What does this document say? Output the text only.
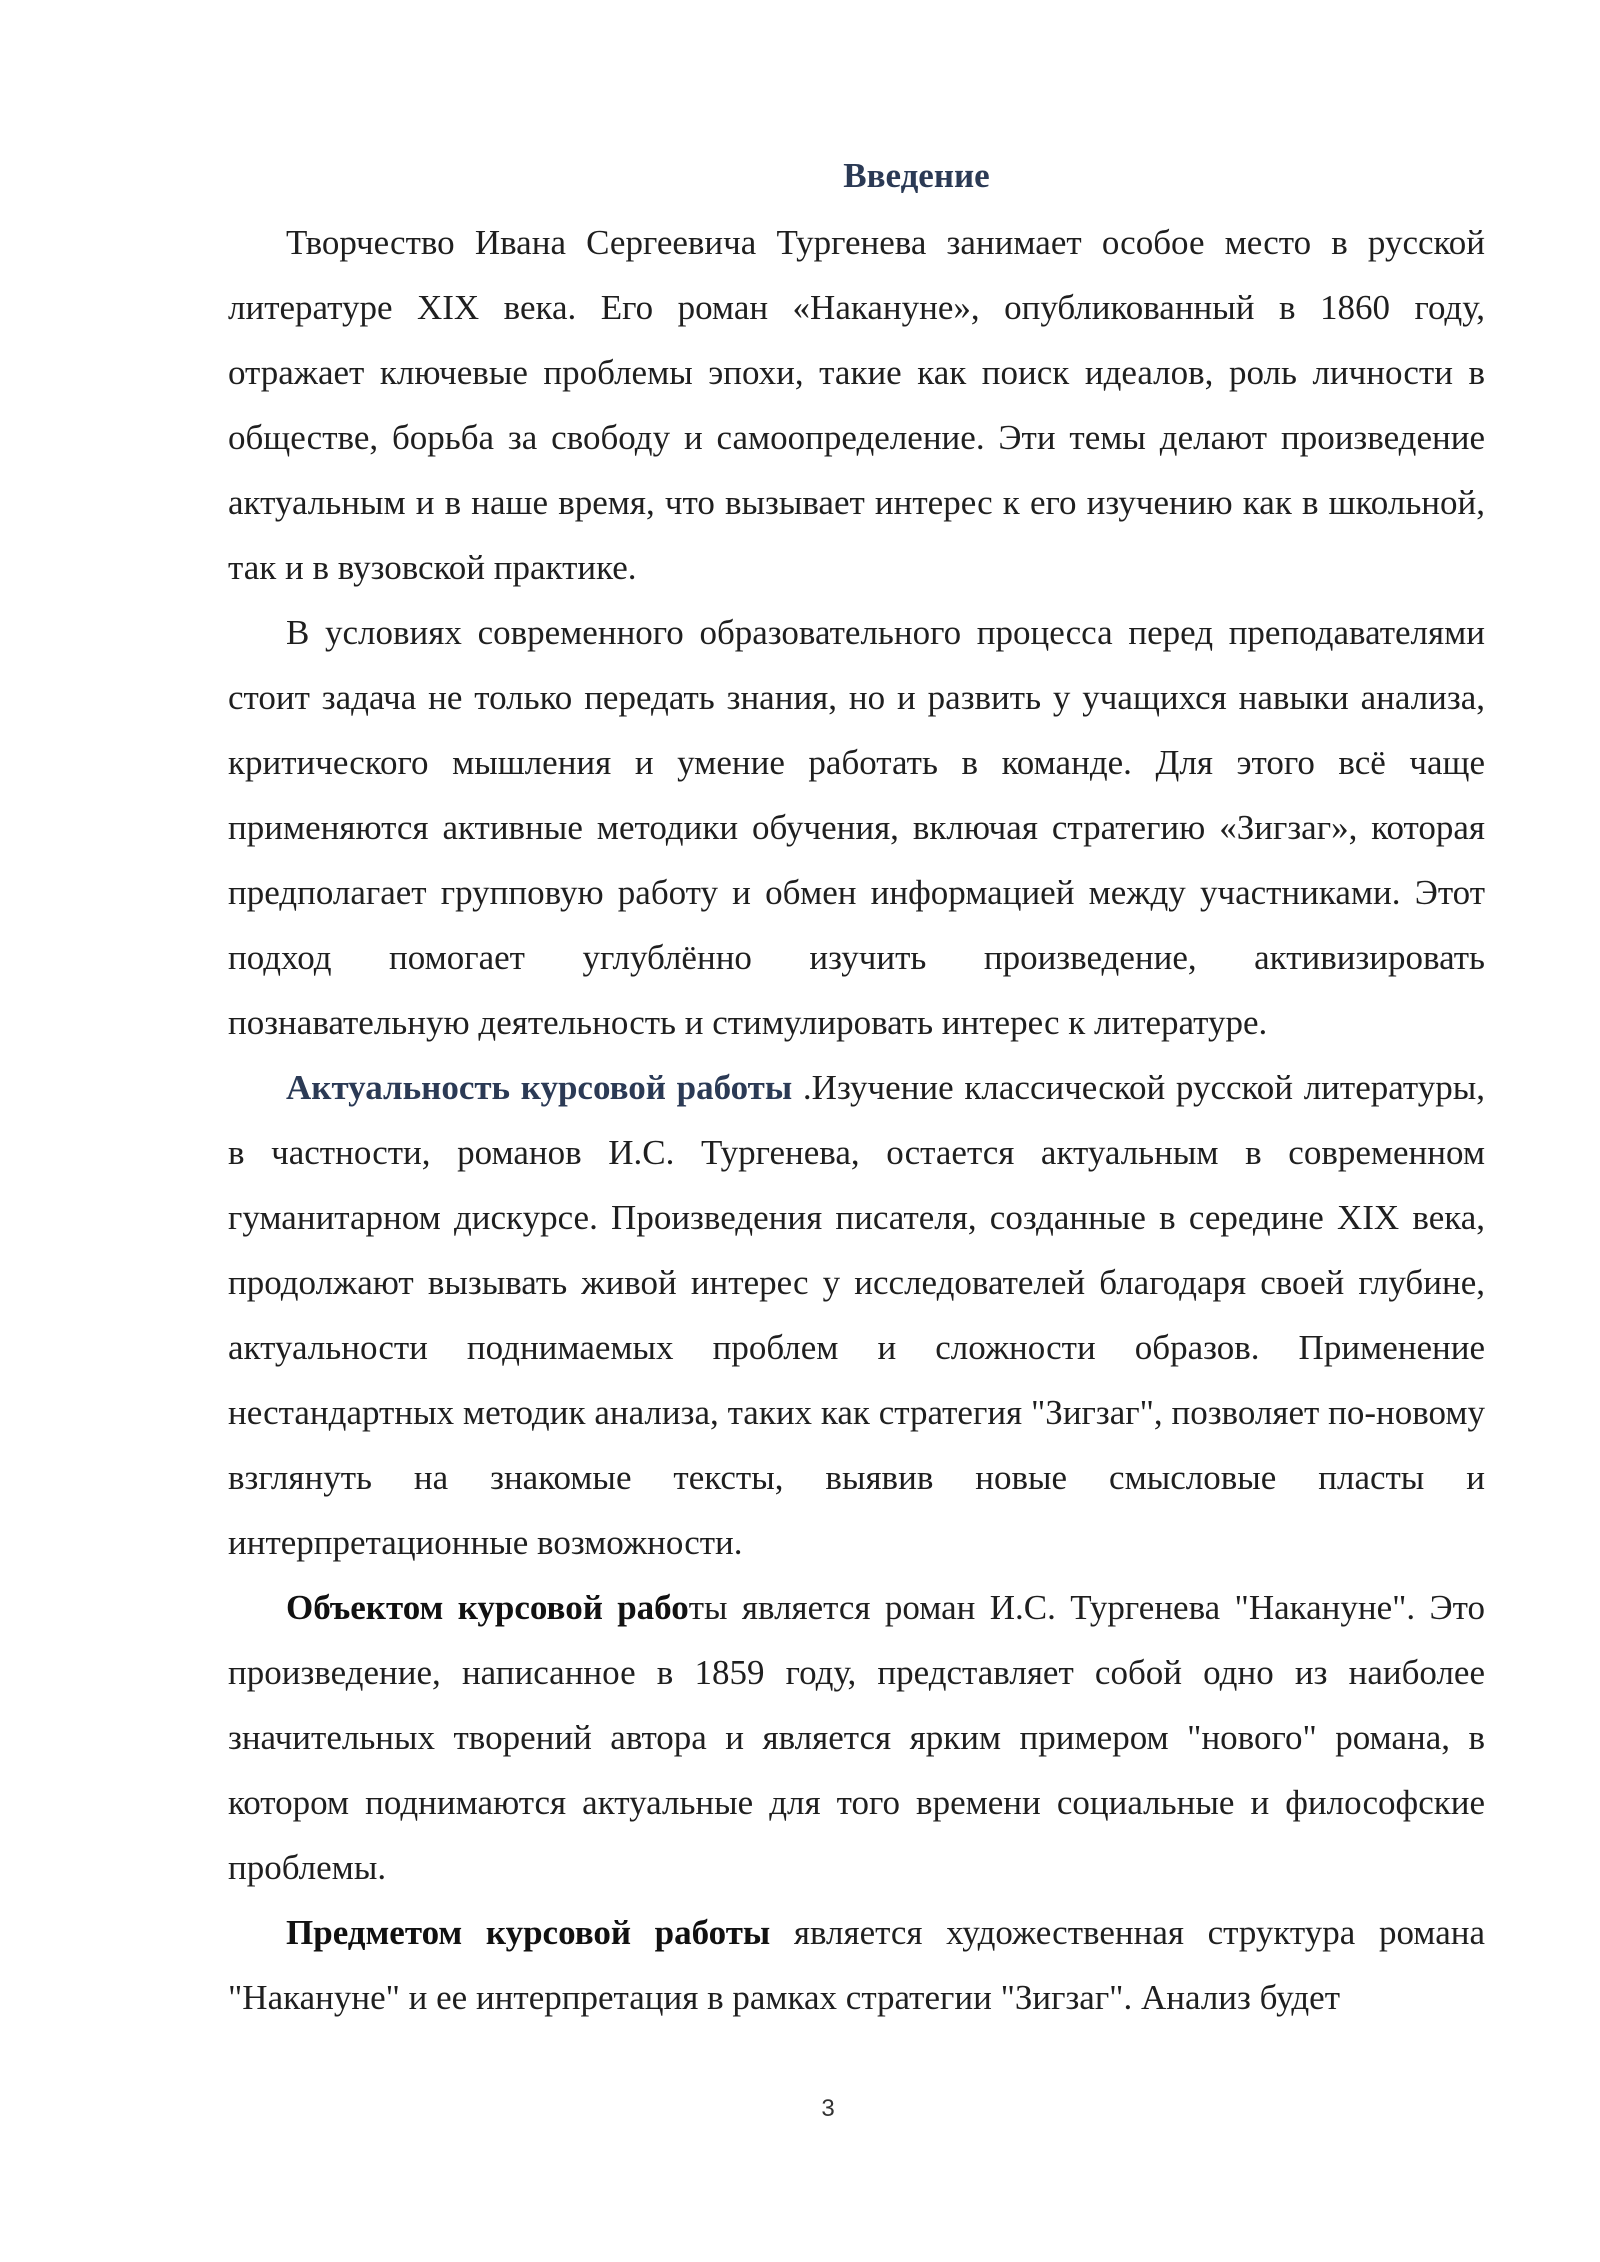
Введение

Творчество Ивана Сергеевича Тургенева занимает особое место в русской литературе XIX века. Его роман «Накануне», опубликованный в 1860 году, отражает ключевые проблемы эпохи, такие как поиск идеалов, роль личности в обществе, борьба за свободу и самоопределение. Эти темы делают произведение актуальным и в наше время, что вызывает интерес к его изучению как в школьной, так и в вузовской практике.

В условиях современного образовательного процесса перед преподавателями стоит задача не только передать знания, но и развить у учащихся навыки анализа, критического мышления и умение работать в команде. Для этого всё чаще применяются активные методики обучения, включая стратегию «Зигзаг», которая предполагает групповую работу и обмен информацией между участниками. Этот подход помогает углублённо изучить произведение, активизировать познавательную деятельность и стимулировать интерес к литературе.

Актуальность курсовой работы .Изучение классической русской литературы, в частности, романов И.С. Тургенева, остается актуальным в современном гуманитарном дискурсе. Произведения писателя, созданные в середине XIX века, продолжают вызывать живой интерес у исследователей благодаря своей глубине, актуальности поднимаемых проблем и сложности образов. Применение нестандартных методик анализа, таких как стратегия "Зигзаг", позволяет по-новому взглянуть на знакомые тексты, выявив новые смысловые пласты и интерпретационные возможности.

Объектом курсовой работы является роман И.С. Тургенева "Накануне". Это произведение, написанное в 1859 году, представляет собой одно из наиболее значительных творений автора и является ярким примером "нового" романа, в котором поднимаются актуальные для того времени социальные и философские проблемы.

Предметом курсовой работы является художественная структура романа "Накануне" и ее интерпретация в рамках стратегии "Зигзаг". Анализ будет

3
